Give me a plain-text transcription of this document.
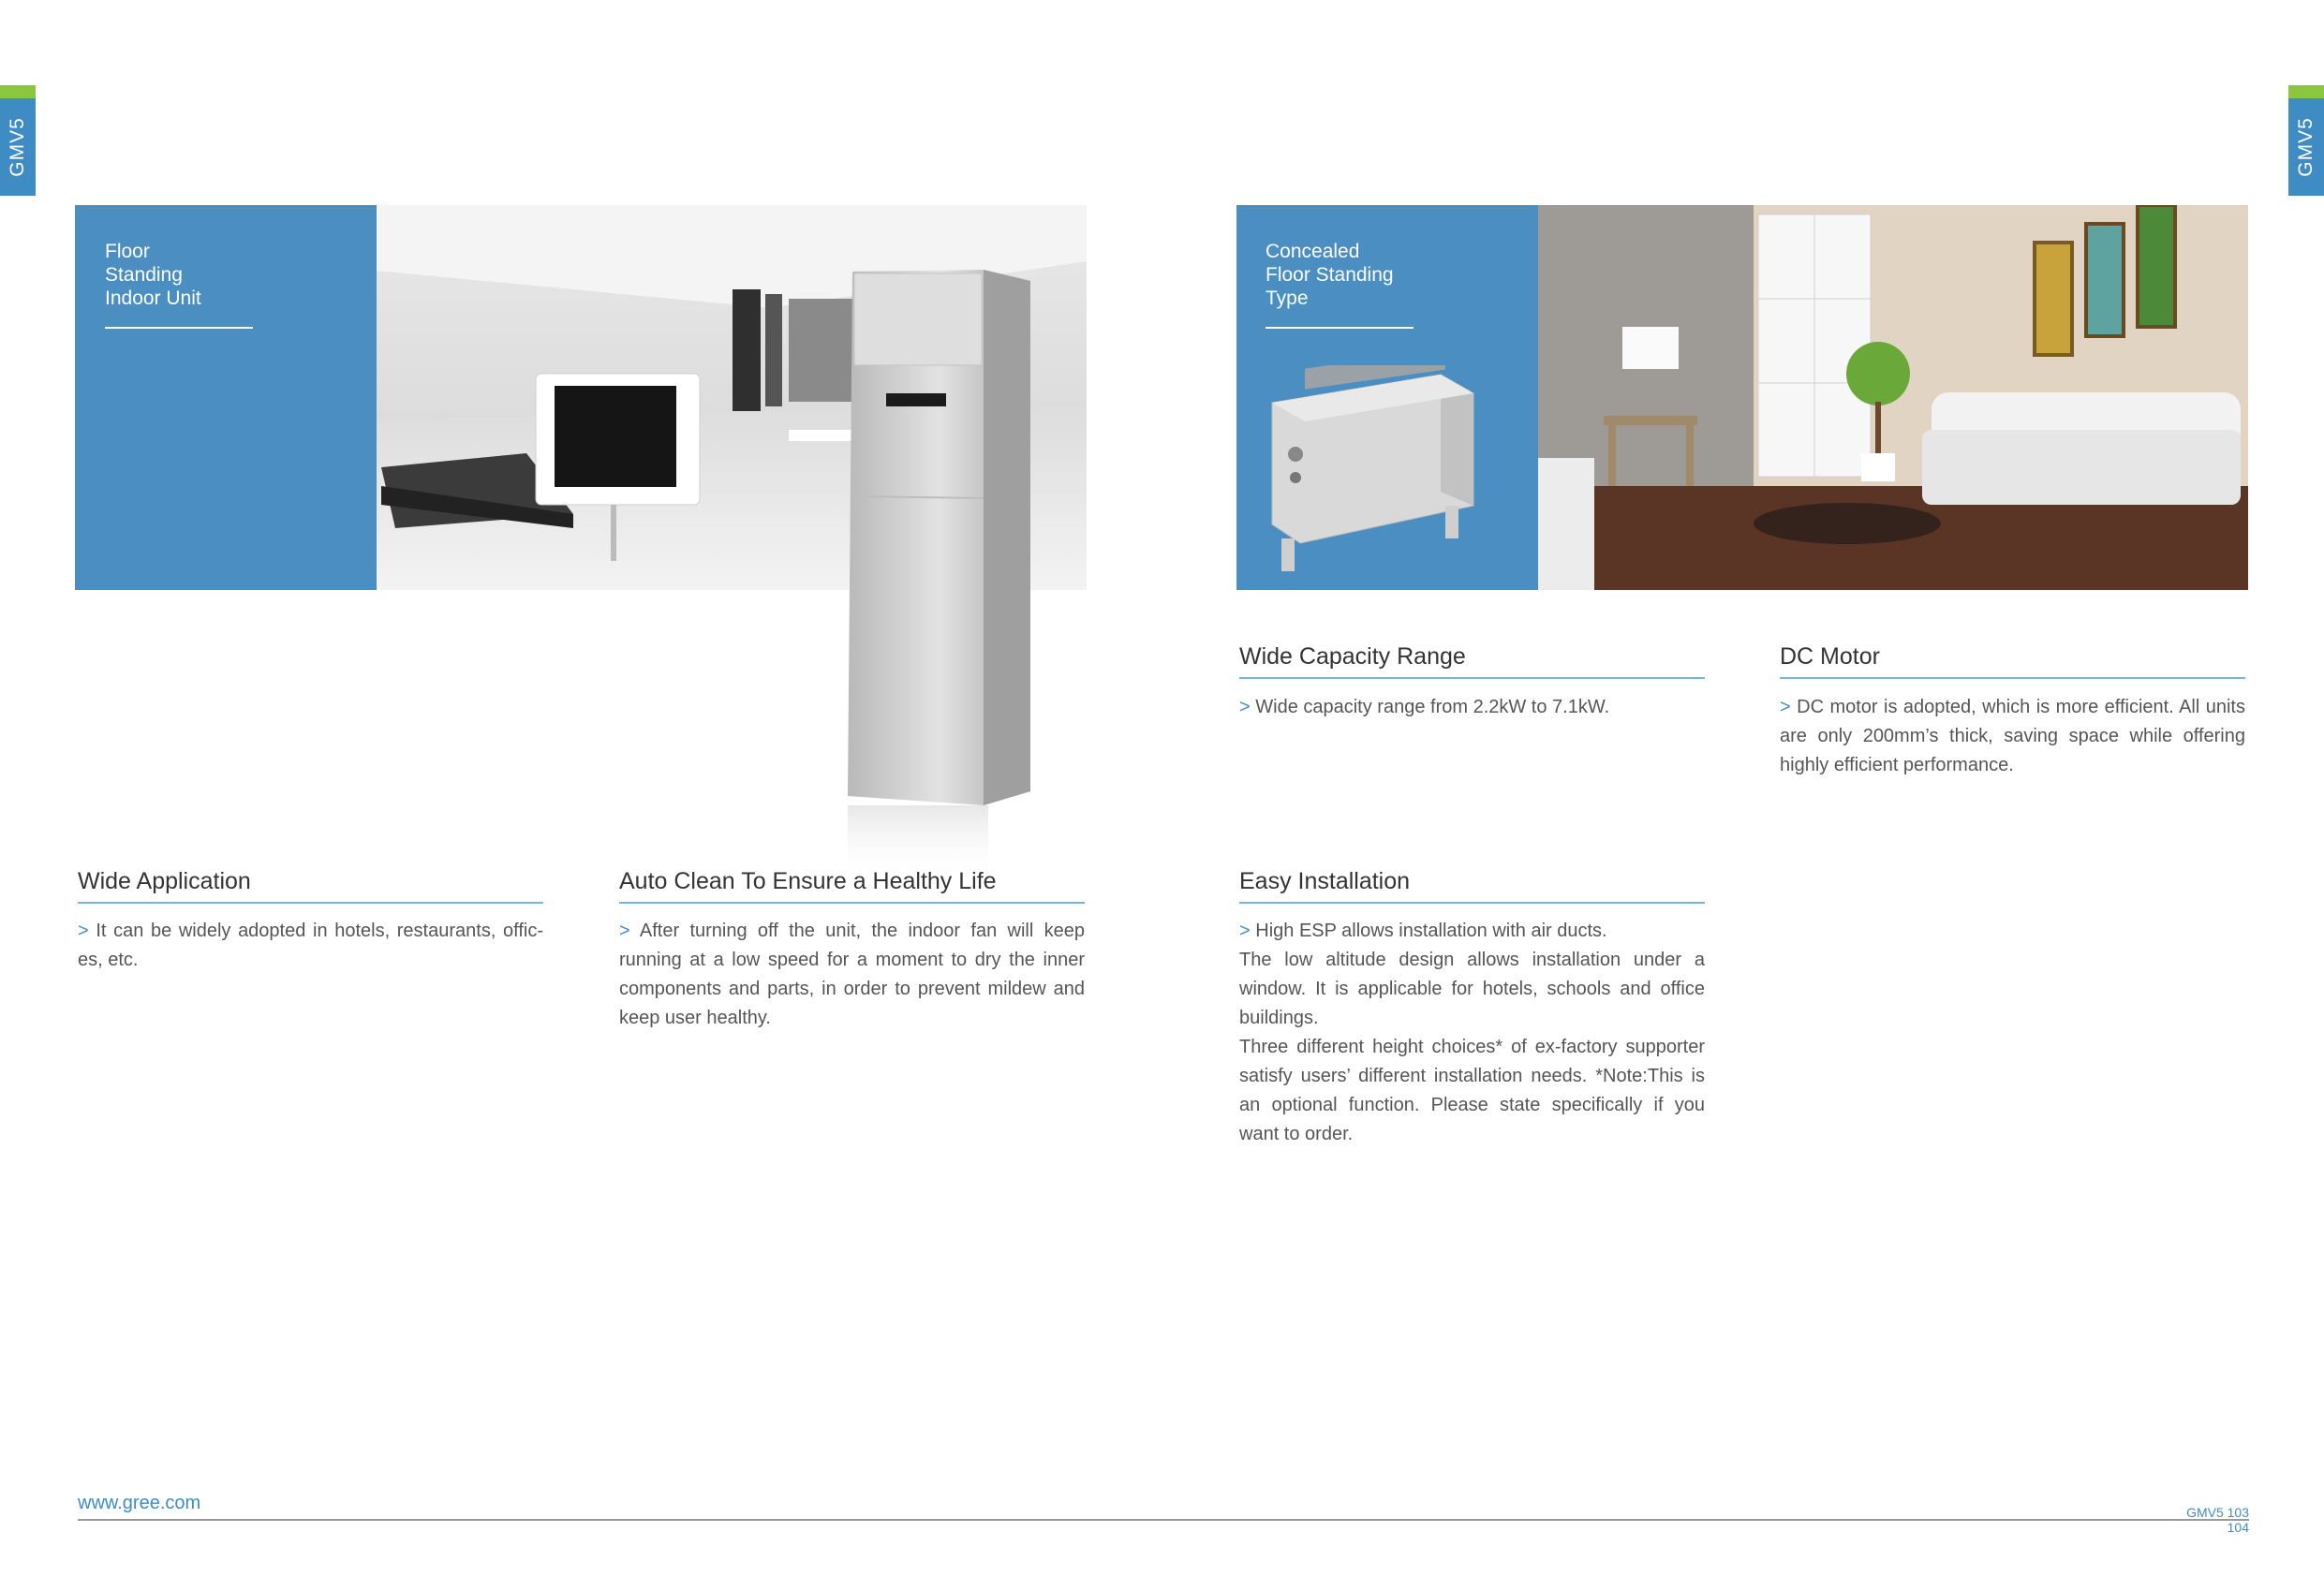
GMV5	GMV5
Floor
Standing
Indoor Unit
Concealed
Floor Standing
Type
Wide Capacity Range

> Wide capacity range from 2.2kW to 7.1kW.

DC Motor

> DC motor is adopted, which is more efficient. All units are only 200mm’s thick, saving space while offering highly efficient performance.

Wide Application

> It can be widely adopted in hotels, restaurants, offic-es, etc.

Auto Clean To Ensure a Healthy Life

> After turning off the unit, the indoor fan will keep running at a low speed for a moment to dry the inner components and parts, in order to prevent mildew and keep user healthy.

Easy Installation

> High ESP allows installation with air ducts.

The low altitude design allows installation under a window. It is applicable for hotels, schools and office buildings.

Three different height choices* of ex-factory supporter satisfy users’ different installation needs. *Note:This is an optional function. Please state specifically if you want to order.

www.gree.com	GMV5 103
104
